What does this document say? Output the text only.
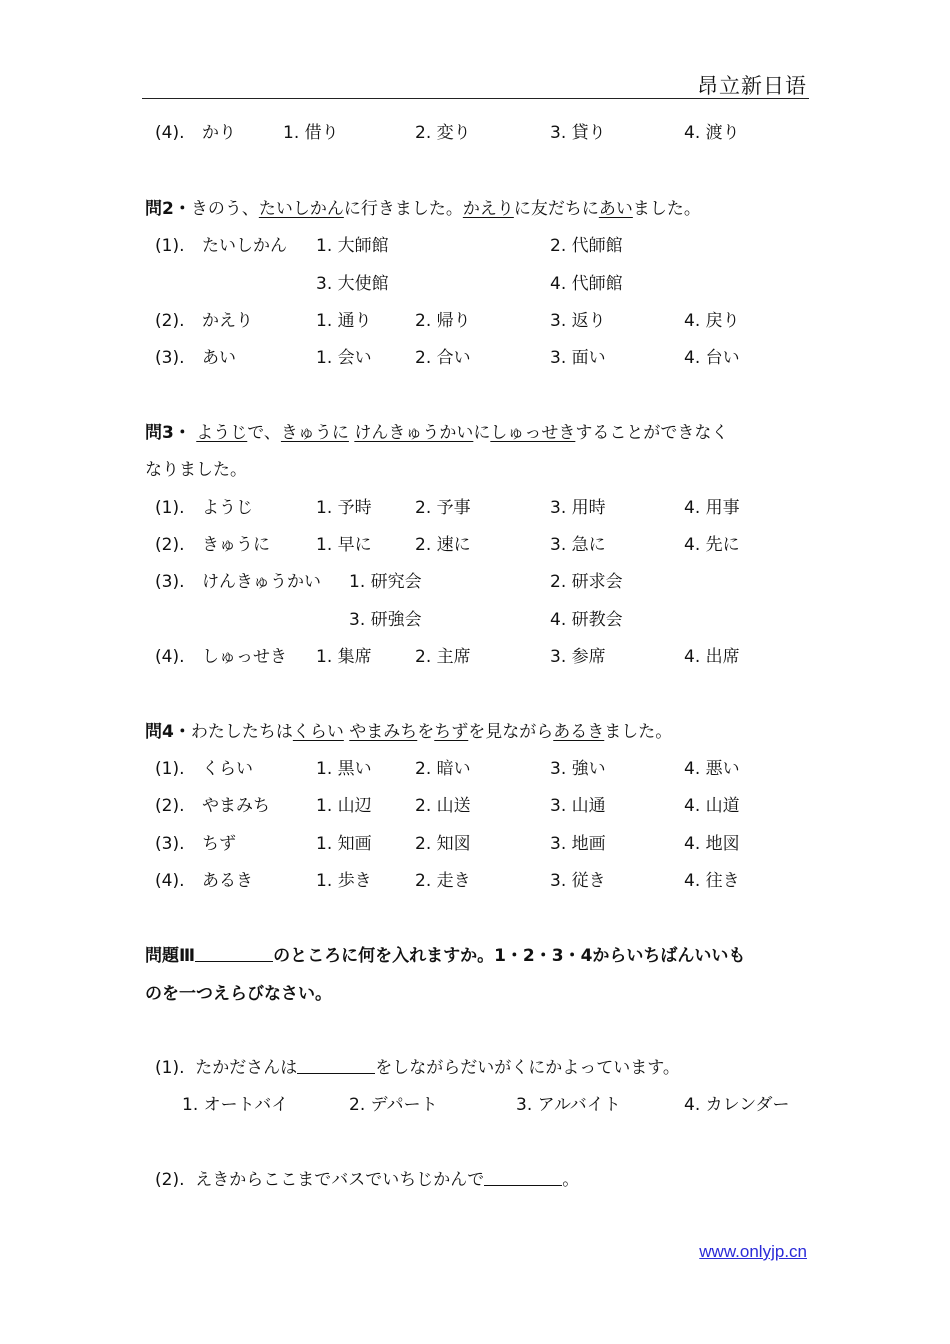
昂立新日语
(4). かり	1. 借り	2. 変り	3. 貸り	4. 渡り
問2・きのう、たいしかんに行きました。かえりに友だちにあいました。
(1). たいしかん 1. 大師館	2. 代師館
3. 大使館	4. 代師館
(2). かえり	1. 通り	2. 帰り	3. 返り	4. 戻り
(3). あい	1. 会い	2. 合い	3. 面い	4. 台い
問3・ ようじで、きゅうに けんきゅうかいにしゅっせきすることができなく
なりました。
(1). ようじ	1. 予時	2. 予事	3. 用時	4. 用事
(2). きゅうに	1. 早に	2. 速に	3. 急に	4. 先に
(3). けんきゅうかい 1. 研究会	2. 研求会
3. 研強会	4. 研教会
(4). しゅっせき 1. 集席	2. 主席	3. 参席	4. 出席
問4・わたしたちはくらい やまみちをちずを見ながらあるきました。
(1). くらい	1. 黒い	2. 暗い	3. 強い	4. 悪い
(2). やまみち	1. 山辺	2. 山送	3. 山通	4. 山道
(3). ちず	1. 知画	2. 知図	3. 地画	4. 地図
(4). あるき	1. 歩き	2. 走き	3. 従き	4. 往き
問題Ⅲ	のところに何を入れますか。1・2・3・4からいちばんいいも
のを一つえらびなさい。
(1). たかださんは	をしながらだいがくにかよっています。
1. オートバイ	2. デパート	3. アルバイト	4. カレンダー
(2). えきからここまでバスでいちじかんで	。
www.onlyjp.cn
